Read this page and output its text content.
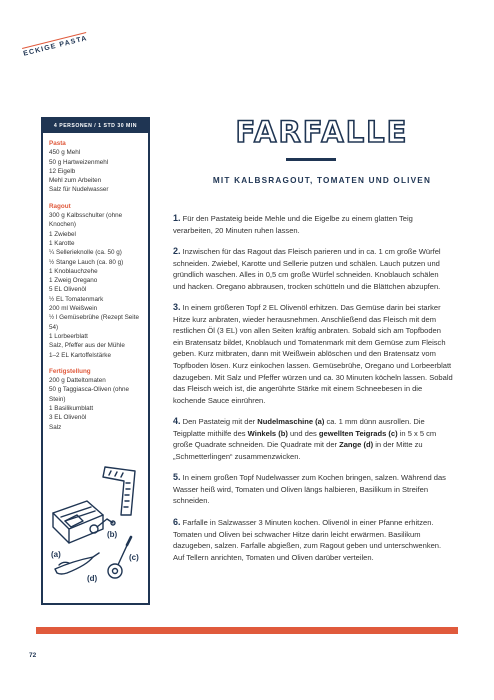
ECKIGE PASTA
4 PERSONEN / 1 STD 30 MIN
Pasta
450 g Mehl
50 g Hartweizenmehl
12 Eigelb
Mehl zum Arbeiten
Salz für Nudelwasser
Ragout
300 g Kalbsschulter (ohne Knochen)
1 Zwiebel
1 Karotte
¼ Sellerieknolle (ca. 50 g)
½ Stange Lauch (ca. 80 g)
1 Knoblauchzehe
1 Zweig Oregano
5 EL Olivenöl
½ EL Tomatenmark
200 ml Weißwein
½ l Gemüsebrühe (Rezept Seite 54)
1 Lorbeerblatt
Salz, Pfeffer aus der Mühle
1–2 EL Kartoffelstärke
Fertigstellung
200 g Datteltomaten
50 g Taggiasca-Oliven (ohne Stein)
1 Basilikumblatt
3 EL Olivenöl
Salz
(b)
(a)	(c)
(d)
FARFALLE
MIT KALBSRAGOUT, TOMATEN UND OLIVEN
1. Für den Pastateig beide Mehle und die Eigelbe zu einem glatten Teig verarbeiten, 20 Minuten ruhen lassen.
2. Inzwischen für das Ragout das Fleisch parieren und in ca. 1 cm große Würfel schneiden. Zwiebel, Karotte und Sellerie putzen und schälen. Lauch putzen und gründlich waschen. Alles in 0,5 cm große Würfel schneiden. Knoblauch schälen und hacken. Oregano abbrausen, trocken schütteln und die Blättchen abzupfen.
3. In einem größeren Topf 2 EL Olivenöl erhitzen. Das Gemüse darin bei starker Hitze kurz anbraten, wieder herausnehmen. Anschließend das Fleisch mit dem restlichen Öl (3 EL) von allen Seiten kräftig anbraten. Sobald sich am Topfboden ein Bratensatz bildet, Knoblauch und Tomatenmark mit dem Gemüse zum Fleisch geben. Kurz mitbraten, dann mit Weißwein ablöschen und den Bratensatz vom Topfboden lösen. Kurz einkochen lassen. Gemüsebrühe, Oregano und Lorbeerblatt dazugeben. Mit Salz und Pfeffer würzen und ca. 30 Minuten köcheln lassen. Sobald das Fleisch weich ist, die angerührte Stärke mit einem Schneebesen in die kochende Sauce einrühren.
4. Den Pastateig mit der Nudelmaschine (a) ca. 1 mm dünn ausrollen. Die Teigplatte mithilfe des Winkels (b) und des gewellten Teigrads (c) in 5 x 5 cm große Quadrate schneiden. Die Quadrate mit der Zange (d) in der Mitte zu „Schmetterlingen“ zusammenzwicken.
5. In einem großen Topf Nudelwasser zum Kochen bringen, salzen. Während das Wasser heiß wird, Tomaten und Oliven längs halbieren, Basilikum in Streifen schneiden.
6. Farfalle in Salzwasser 3 Minuten kochen. Olivenöl in einer Pfanne erhitzen. Tomaten und Oliven bei schwacher Hitze darin leicht erwärmen. Basilikum dazugeben, salzen. Farfalle abgießen, zum Ragout geben und unterschwenken. Auf Tellern anrichten, Tomaten und Oliven darüber verteilen.
72
